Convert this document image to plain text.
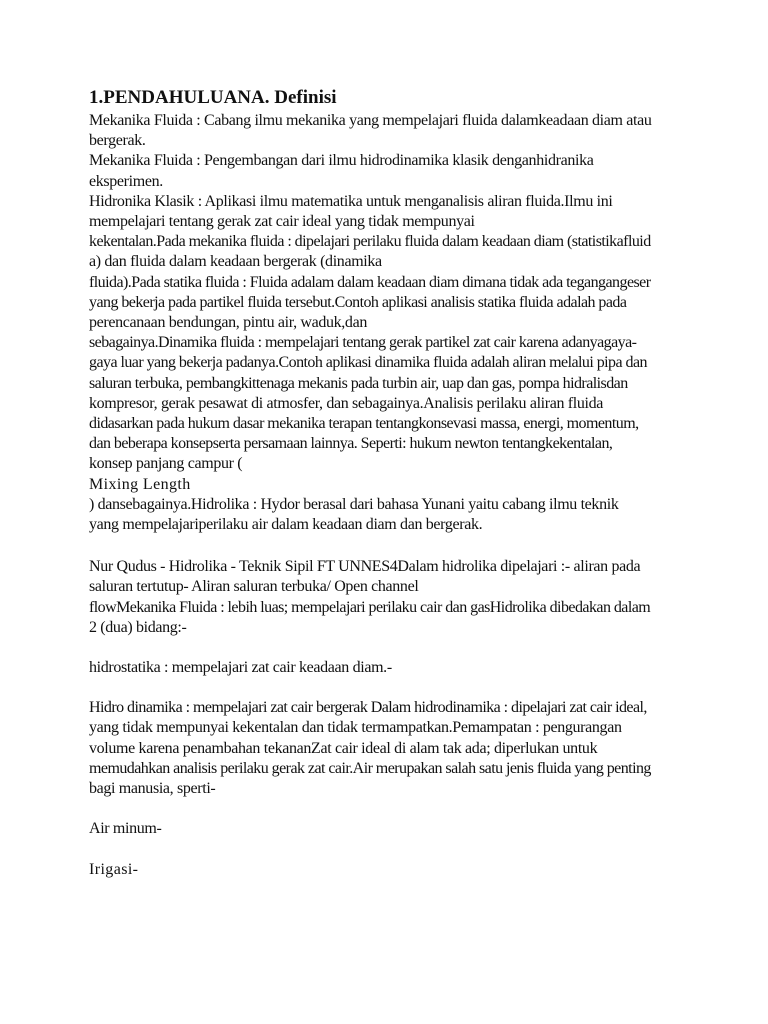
1.PENDAHULUANA. Definisi
Mekanika Fluida : Cabang ilmu mekanika yang mempelajari fluida dalamkeadaan diam atau
bergerak.
Mekanika Fluida : Pengembangan dari ilmu hidrodinamika klasik denganhidranika
eksperimen.
Hidronika Klasik : Aplikasi ilmu matematika untuk menganalisis aliran fluida.Ilmu ini
mempelajari tentang gerak zat cair ideal yang tidak mempunyai
kekentalan.Pada mekanika fluida : dipelajari perilaku fluida dalam keadaan diam (statistikafluid
a) dan fluida dalam keadaan bergerak (dinamika
fluida).Pada statika fluida : Fluida adalam dalam keadaan diam dimana tidak ada tegangangeser
yang bekerja pada partikel fluida tersebut.Contoh aplikasi analisis statika fluida adalah pada
perencanaan bendungan, pintu air, waduk,dan
sebagainya.Dinamika fluida : mempelajari tentang gerak partikel zat cair karena adanyagaya-
gaya luar yang bekerja padanya.Contoh aplikasi dinamika fluida adalah aliran melalui pipa dan
saluran terbuka, pembangkittenaga mekanis pada turbin air, uap dan gas, pompa hidralisdan
kompresor, gerak pesawat di atmosfer, dan sebagainya.Analisis perilaku aliran fluida
didasarkan pada hukum dasar mekanika terapan tentangkonsevasi massa, energi, momentum,
dan beberapa konsepserta persamaan lainnya. Seperti: hukum newton tentangkekentalan,
konsep panjang campur (
Mixing Length
) dansebagainya.Hidrolika : Hydor berasal dari bahasa Yunani yaitu cabang ilmu teknik
yang mempelajariperilaku air dalam keadaan diam dan bergerak.
Nur Qudus - Hidrolika - Teknik Sipil FT UNNES4Dalam hidrolika dipelajari :- aliran pada
saluran tertutup- Aliran saluran terbuka/ Open channel
flowMekanika Fluida : lebih luas; mempelajari perilaku cair dan gasHidrolika dibedakan dalam
2 (dua) bidang:-
hidrostatika : mempelajari zat cair keadaan diam.-
Hidro dinamika : mempelajari zat cair bergerak Dalam hidrodinamika : dipelajari zat cair ideal,
yang tidak mempunyai kekentalan dan tidak termampatkan.Pemampatan : pengurangan
volume karena penambahan tekananZat cair ideal di alam tak ada; diperlukan untuk
memudahkan analisis perilaku gerak zat cair.Air merupakan salah satu jenis fluida yang penting
bagi manusia, sperti-
Air minum-
Irigasi-
